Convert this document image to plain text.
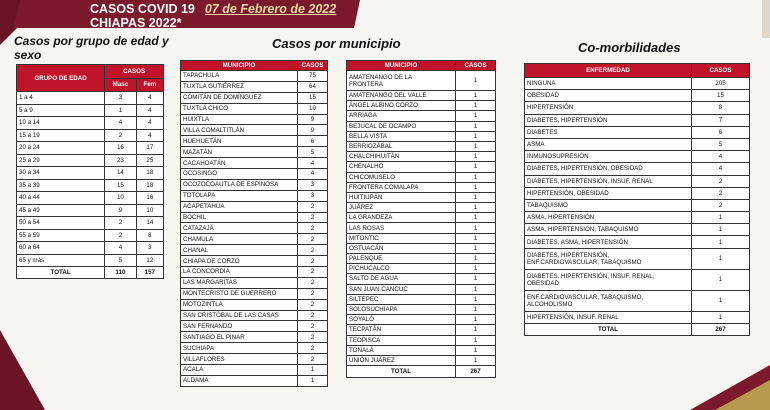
CASOS COVID 19 07 de Febrero de 2022
CHIAPAS 2022*
Casos por grupo de edad y
sexo
GRUPO DE EDAD	CASOS	
	Masc	Fem
1 a 4	3	4
5 a 9	1	4
10 a 14	4	4
15 a 19	2	4
20 a 24	16	17
25 a 29	23	25
30 a 34	14	18
35 a 39	15	18
40 a 44	10	16
45 a 49	9	10
50 a 54	2	14
55 a 59	2	8
60 a 64	4	3
65 y más	5	12
TOTAL	110	157
Casos por municipio
MUNICIPIO	CASOS
TAPACHULA	75
TUXTLA GUTIÉRREZ	64
COMITÁN DE DOMÍNGUEZ	15
TUXTLA CHICO	10
HUIXTLA	9
VILLA COMALTITLÁN	9
HUEHUETÁN	6
MAZATÁN	5
CACAHOATÁN	4
OCOSINGO	4
OCOZOCOAUTLA DE ESPINOSA	3
TOTOLAPA	3
ACAPETAHUA	2
BOCHIL	2
CATAZAJÁ	2
CHAMULA	2
CHANAL	2
CHIAPA DE CORZO	2
LA CONCORDIA	2
LAS MARGARITAS	2
MONTECRISTO DE GUERRERO	2
MOTOZINTLA	2
SAN CRISTÓBAL DE LAS CASAS	2
SAN FERNANDO	2
SANTIAGO EL PINAR	2
SUCHIAPA	2
VILLAFLORES	2
ACALA	1
ALDAMA	1
MUNICIPIO	CASOS

AMATENANGO DE LA
FRONTERA	1

AMATENANGO DEL VALLE	1

ÁNGEL ALBINO CORZO	1

ARRIAGA	1

BEJUCAL DE OCAMPO	1

BELLA VISTA	1

BERRIOZÁBAL	1

CHALCHIHUITÁN	1

CHENALHÓ	1

CHICOMUSELO	1

FRONTERA COMALAPA	1

HUITIUPÁN	1

JUÁREZ	1

LA GRANDEZA	1

LAS ROSAS	1

MITONTIC	1

OSTUACÁN	1

PALENQUE	1

PICHUCALCO	1

SALTO DE AGUA	1

SAN JUAN CANCUC	1

SILTEPEC	1

SOLOSUCHIAPA	1

SOYALÓ	1

TECPATÁN	1

TEOPISCA	1

TONALÁ	1

UNIÓN JUÁREZ	1
TOTAL	267
Co-morbilidades
ENFERMEDAD	CASOS

NINGUNA	205

OBESIDAD	15

HIPERTENSIÓN	8

DIABETES, HIPERTENSIÓN	7

DIABETES	6

ASMA	5

INMUNOSUPRESIÓN	4

DIABETES, HIPERTENSIÓN, OBESIDAD	4

DIABETES, HIPERTENSIÓN, INSUF. RENAL	2

HIPERTENSIÓN, OBESIDAD	2

TABAQUISMO	2

ASMA, HIPERTENSIÓN	1

ASMA, HIPERTENSION, TABAQUISMO	1

DIABETES, ASMA, HIPERTENSIÓN	1

DIABETES, HIPERTENSIÓN,
ENF.CARDIOVASCULAR, TABAQUISMO	1

DIABETES, HIPERTENSIÓN, INSUF. RENAL,
OBESIDAD	1

ENF.CARDIOVASCULAR, TABAQUISMO,
ALCOHOLISMO	1

HIPERTENSIÓN, INSUF. RENAL	1
TOTAL	267
